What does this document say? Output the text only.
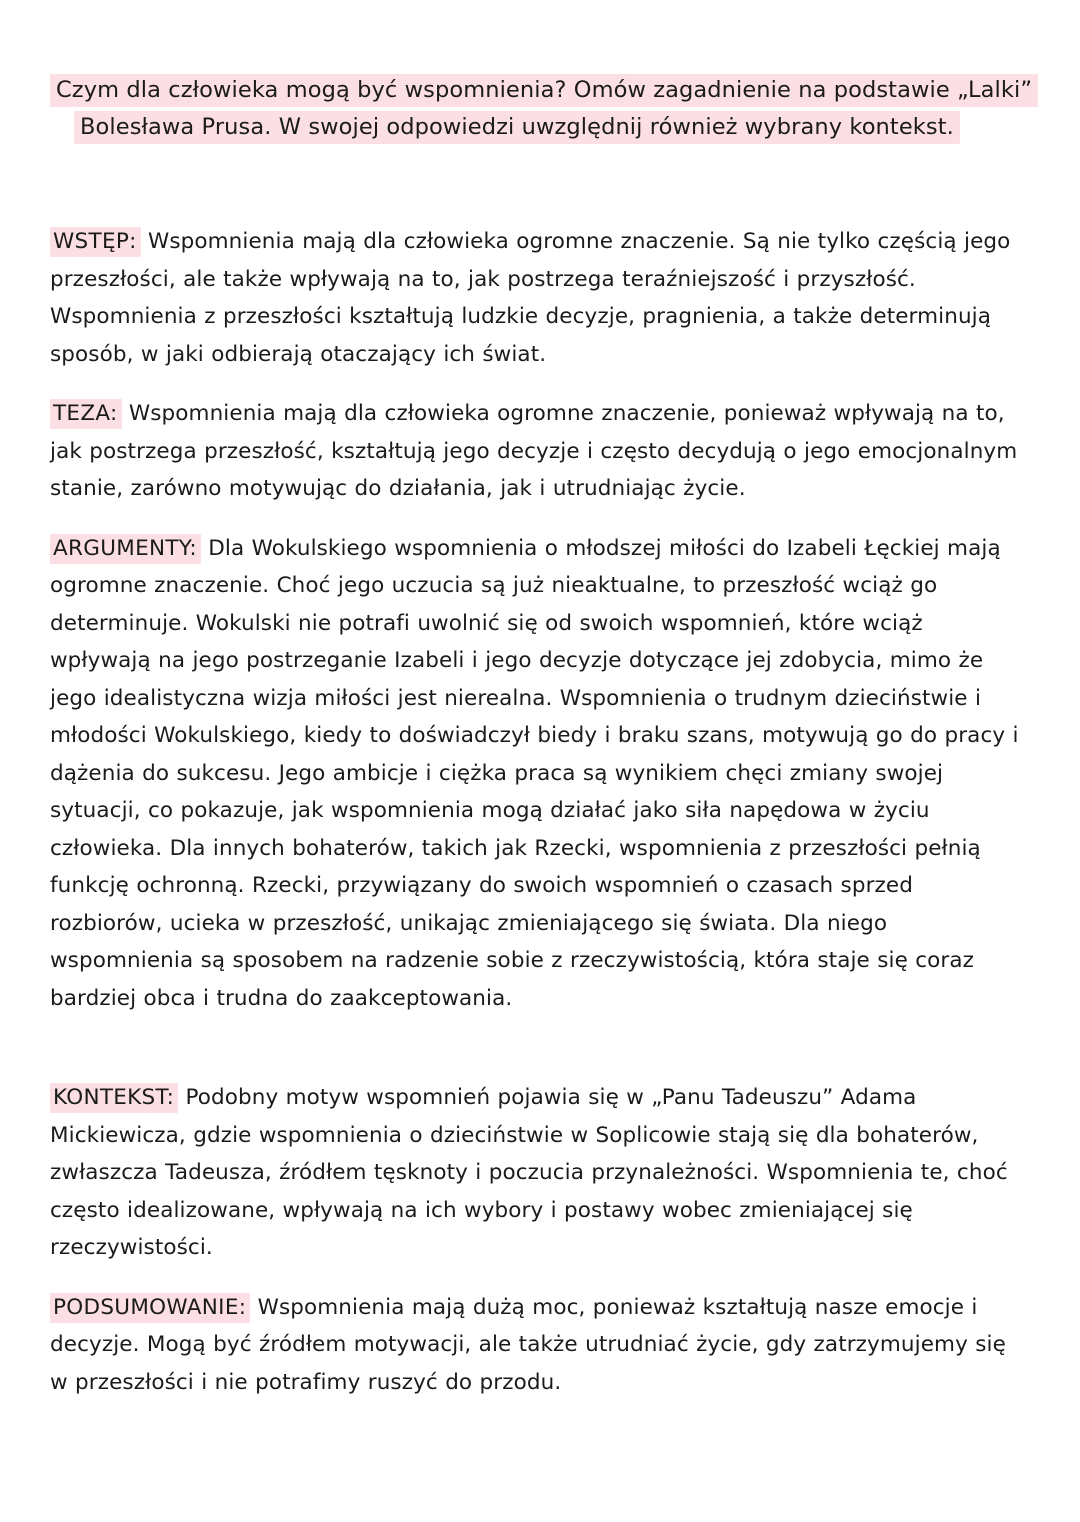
Czym dla człowieka mogą być wspomnienia? Omów zagadnienie na podstawie „Lalki”
Bolesława Prusa. W swojej odpowiedzi uwzględnij również wybrany kontekst.

WSTĘP: Wspomnienia mają dla człowieka ogromne znaczenie. Są nie tylko częścią jego przeszłości, ale także wpływają na to, jak postrzega teraźniejszość i przyszłość. Wspomnienia z przeszłości kształtują ludzkie decyzje, pragnienia, a także determinują sposób, w jaki odbierają otaczający ich świat.

TEZA: Wspomnienia mają dla człowieka ogromne znaczenie, ponieważ wpływają na to, jak postrzega przeszłość, kształtują jego decyzje i często decydują o jego emocjonalnym stanie, zarówno motywując do działania, jak i utrudniając życie.

ARGUMENTY: Dla Wokulskiego wspomnienia o młodszej miłości do Izabeli Łęckiej mają ogromne znaczenie. Choć jego uczucia są już nieaktualne, to przeszłość wciąż go determinuje. Wokulski nie potrafi uwolnić się od swoich wspomnień, które wciąż wpływają na jego postrzeganie Izabeli i jego decyzje dotyczące jej zdobycia, mimo że jego idealistyczna wizja miłości jest nierealna. Wspomnienia o trudnym dzieciństwie i młodości Wokulskiego, kiedy to doświadczył biedy i braku szans, motywują go do pracy i dążenia do sukcesu. Jego ambicje i ciężka praca są wynikiem chęci zmiany swojej sytuacji, co pokazuje, jak wspomnienia mogą działać jako siła napędowa w życiu człowieka. Dla innych bohaterów, takich jak Rzecki, wspomnienia z przeszłości pełnią funkcję ochronną. Rzecki, przywiązany do swoich wspomnień o czasach sprzed rozbiorów, ucieka w przeszłość, unikając zmieniającego się świata. Dla niego wspomnienia są sposobem na radzenie sobie z rzeczywistością, która staje się coraz bardziej obca i trudna do zaakceptowania.

KONTEKST: Podobny motyw wspomnień pojawia się w „Panu Tadeuszu” Adama Mickiewicza, gdzie wspomnienia o dzieciństwie w Soplicowie stają się dla bohaterów, zwłaszcza Tadeusza, źródłem tęsknoty i poczucia przynależności. Wspomnienia te, choć często idealizowane, wpływają na ich wybory i postawy wobec zmieniającej się rzeczywistości.

PODSUMOWANIE: Wspomnienia mają dużą moc, ponieważ kształtują nasze emocje i decyzje. Mogą być źródłem motywacji, ale także utrudniać życie, gdy zatrzymujemy się w przeszłości i nie potrafimy ruszyć do przodu.
